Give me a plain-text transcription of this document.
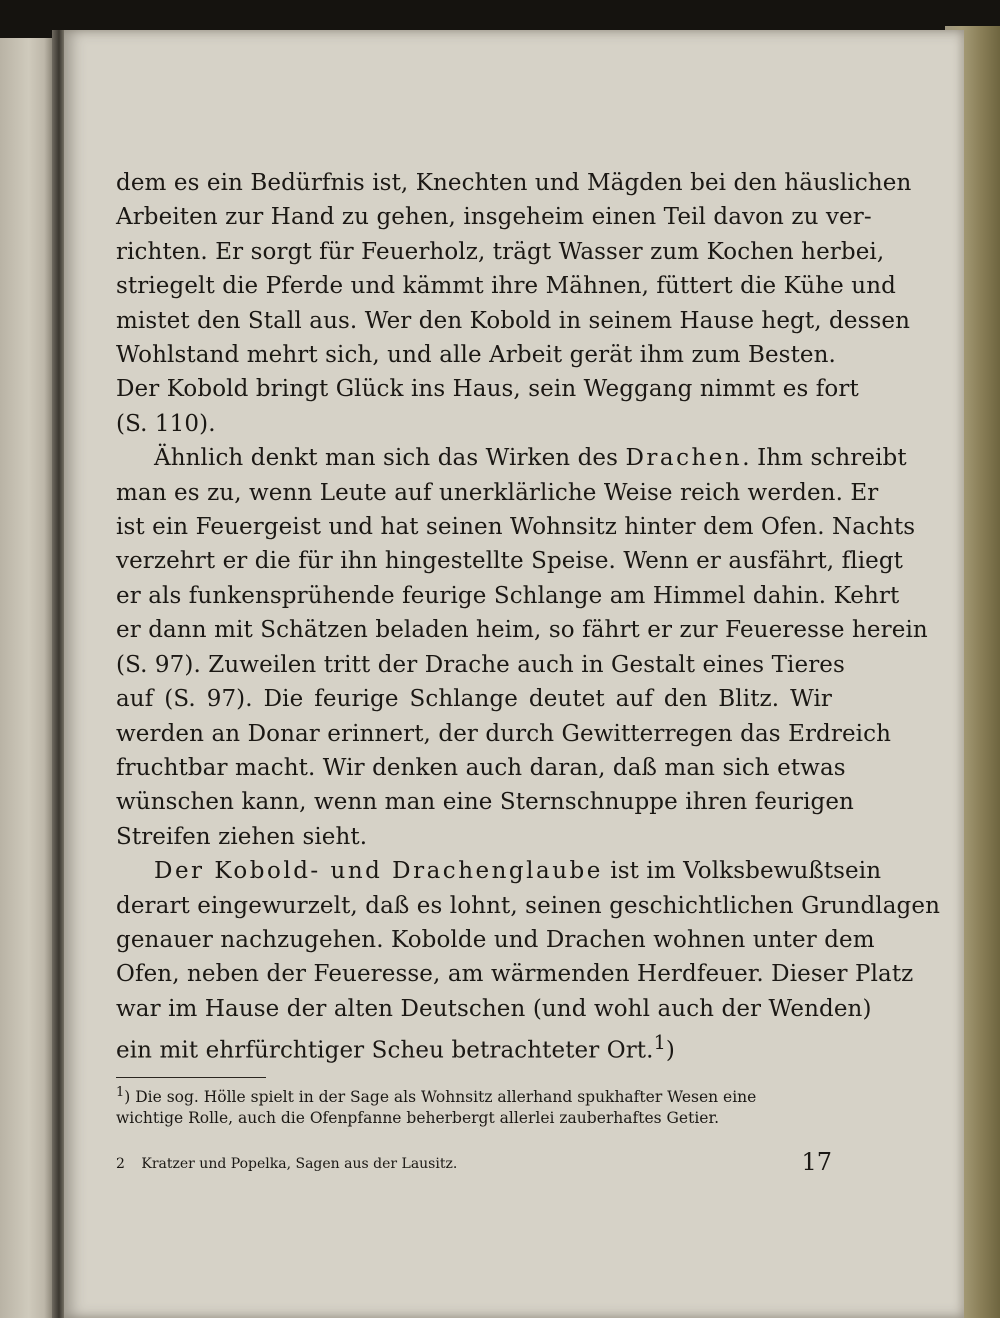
dem es ein Bedürfnis ist, Knechten und Mägden bei den häuslichen
Arbeiten zur Hand zu gehen, insgeheim einen Teil davon zu ver-
richten. Er sorgt für Feuerholz, trägt Wasser zum Kochen herbei,
striegelt die Pferde und kämmt ihre Mähnen, füttert die Kühe und
mistet den Stall aus. Wer den Kobold in seinem Hause hegt, dessen
Wohlstand mehrt sich, und alle Arbeit gerät ihm zum Besten.
Der Kobold bringt Glück ins Haus, sein Weggang nimmt es fort
(S. 110).
Ähnlich denkt man sich das Wirken des Drachen. Ihm schreibt
man es zu, wenn Leute auf unerklärliche Weise reich werden. Er
ist ein Feuergeist und hat seinen Wohnsitz hinter dem Ofen. Nachts
verzehrt er die für ihn hingestellte Speise. Wenn er ausfährt, fliegt
er als funkensprühende feurige Schlange am Himmel dahin. Kehrt
er dann mit Schätzen beladen heim, so fährt er zur Feueresse herein
(S. 97). Zuweilen tritt der Drache auch in Gestalt eines Tieres
auf (S. 97). Die feurige Schlange deutet auf den Blitz. Wir
werden an Donar erinnert, der durch Gewitterregen das Erdreich
fruchtbar macht. Wir denken auch daran, daß man sich etwas
wünschen kann, wenn man eine Sternschnuppe ihren feurigen
Streifen ziehen sieht.
Der Kobold- und Drachenglaube ist im Volksbewußtsein
derart eingewurzelt, daß es lohnt, seinen geschichtlichen Grundlagen
genauer nachzugehen. Kobolde und Drachen wohnen unter dem
Ofen, neben der Feueresse, am wärmenden Herdfeuer. Dieser Platz
war im Hause der alten Deutschen (und wohl auch der Wenden)
ein mit ehrfürchtiger Scheu betrachteter Ort.$^1$)
$^1$) Die sog. Hölle spielt in der Sage als Wohnsitz allerhand spukhafter Wesen eine
wichtige Rolle, auch die Ofenpfanne beherbergt allerlei zauberhaftes Getier.
2 Kratzer und Popelka, Sagen aus der Lausitz.	17
